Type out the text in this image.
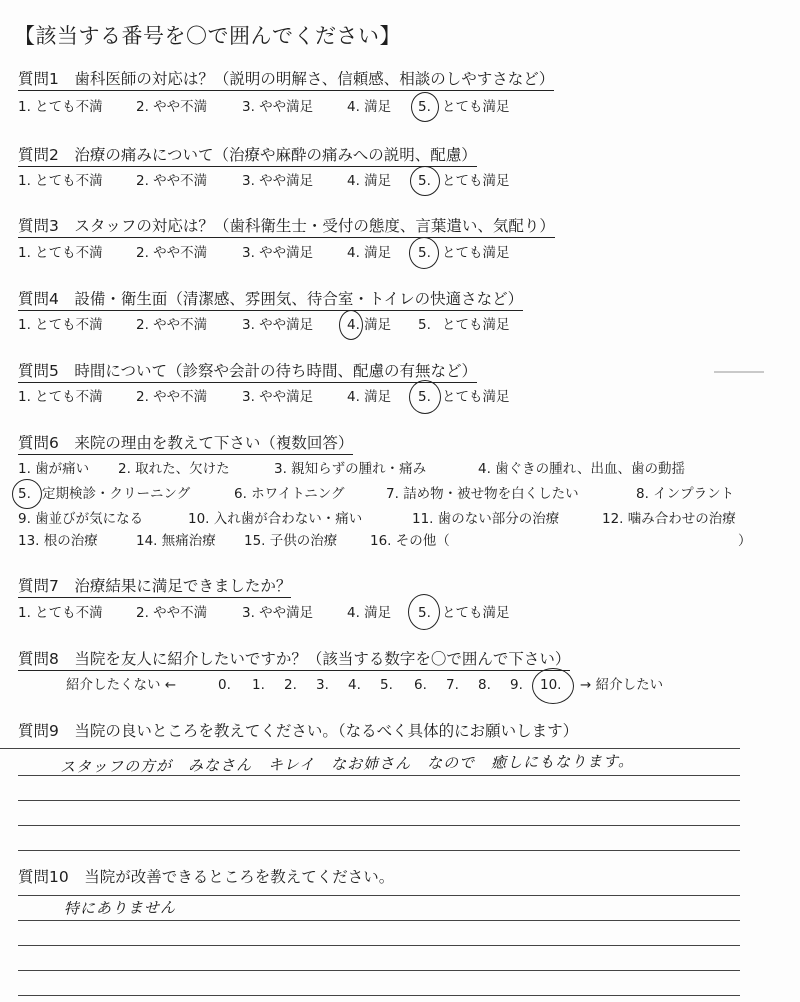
【該当する番号を〇で囲んでください】
質問1　歯科医師の対応は？（説明の明解さ、信頼感、相談のしやすさなど）
1. とても不満 2. やや不満	3. やや満足	4. 満足 5. とても満足
質問2　治療の痛みについて（治療や麻酔の痛みへの説明、配慮）
1. とても不満 2. やや不満	3. やや満足	4. 満足 5. とても満足
質問3　スタッフの対応は？（歯科衛生士・受付の態度、言葉遣い、気配り）
1. とても不満 2. やや不満	3. やや満足	4. 満足 5. とても満足
質問4　設備・衛生面（清潔感、雰囲気、待合室・トイレの快適さなど）
1. とても不満 2. やや不満	3. やや満足	4. 満足 5. とても満足
質問5　時間について（診察や会計の待ち時間、配慮の有無など）
1. とても不満 2. やや不満	3. やや満足	4. 満足 5. とても満足
質問6　来院の理由を教えて下さい（複数回答）
1. 歯が痛い 2. 取れた、欠けた	3. 親知らずの腫れ・痛み	4. 歯ぐきの腫れ、出血、歯の動揺
5. 定期検診・クリーニング	6. ホワイトニング	7. 詰め物・被せ物を白くしたい	8. インプラント
9. 歯並びが気になる	10. 入れ歯が合わない・痛い	11. 歯のない部分の治療	12. 噛み合わせの治療
13. 根の治療	14. 無痛治療 15. 子供の治療 16. その他（	）
質問7　治療結果に満足できましたか？
1. とても不満 2. やや不満	3. やや満足	4. 満足 5. とても満足
質問8　当院を友人に紹介したいですか？（該当する数字を〇で囲んで下さい）
紹介したくない ←	0. 1. 2. 3. 4. 5. 6. 7. 8. 9. 10. → 紹介したい
質問9　当院の良いところを教えてください。（なるべく具体的にお願いします）
スタッフの方が　みなさん　キレイ　なお姉さん　なので　癒しにもなります。
質問10　当院が改善できるところを教えてください。
特にありません
